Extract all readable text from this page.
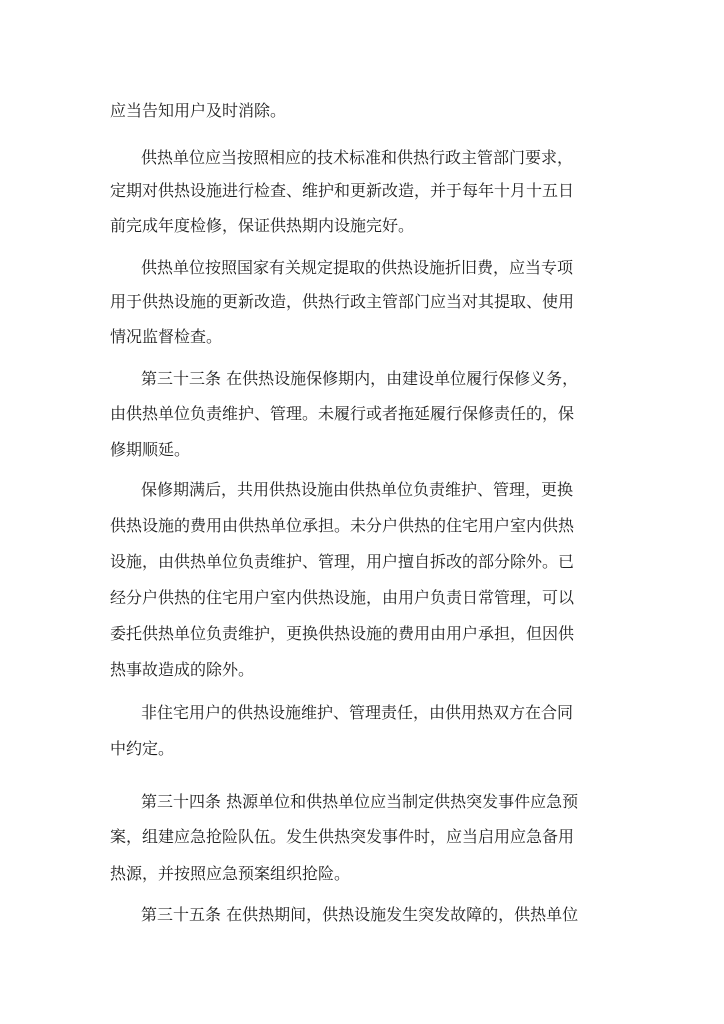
应当告知用户及时消除。
供热单位应当按照相应的技术标准和供热行政主管部门要求，
定期对供热设施进行检查、维护和更新改造，并于每年十月十五日
前完成年度检修，保证供热期内设施完好。
供热单位按照国家有关规定提取的供热设施折旧费，应当专项
用于供热设施的更新改造，供热行政主管部门应当对其提取、使用
情况监督检查。
第三十三条 在供热设施保修期内，由建设单位履行保修义务，
由供热单位负责维护、管理。未履行或者拖延履行保修责任的，保
修期顺延。
保修期满后，共用供热设施由供热单位负责维护、管理，更换
供热设施的费用由供热单位承担。未分户供热的住宅用户室内供热
设施，由供热单位负责维护、管理，用户擅自拆改的部分除外。已
经分户供热的住宅用户室内供热设施，由用户负责日常管理，可以
委托供热单位负责维护，更换供热设施的费用由用户承担，但因供
热事故造成的除外。
非住宅用户的供热设施维护、管理责任，由供用热双方在合同
中约定。
第三十四条 热源单位和供热单位应当制定供热突发事件应急预
案，组建应急抢险队伍。发生供热突发事件时，应当启用应急备用
热源，并按照应急预案组织抢险。
第三十五条 在供热期间，供热设施发生突发故障的，供热单位
